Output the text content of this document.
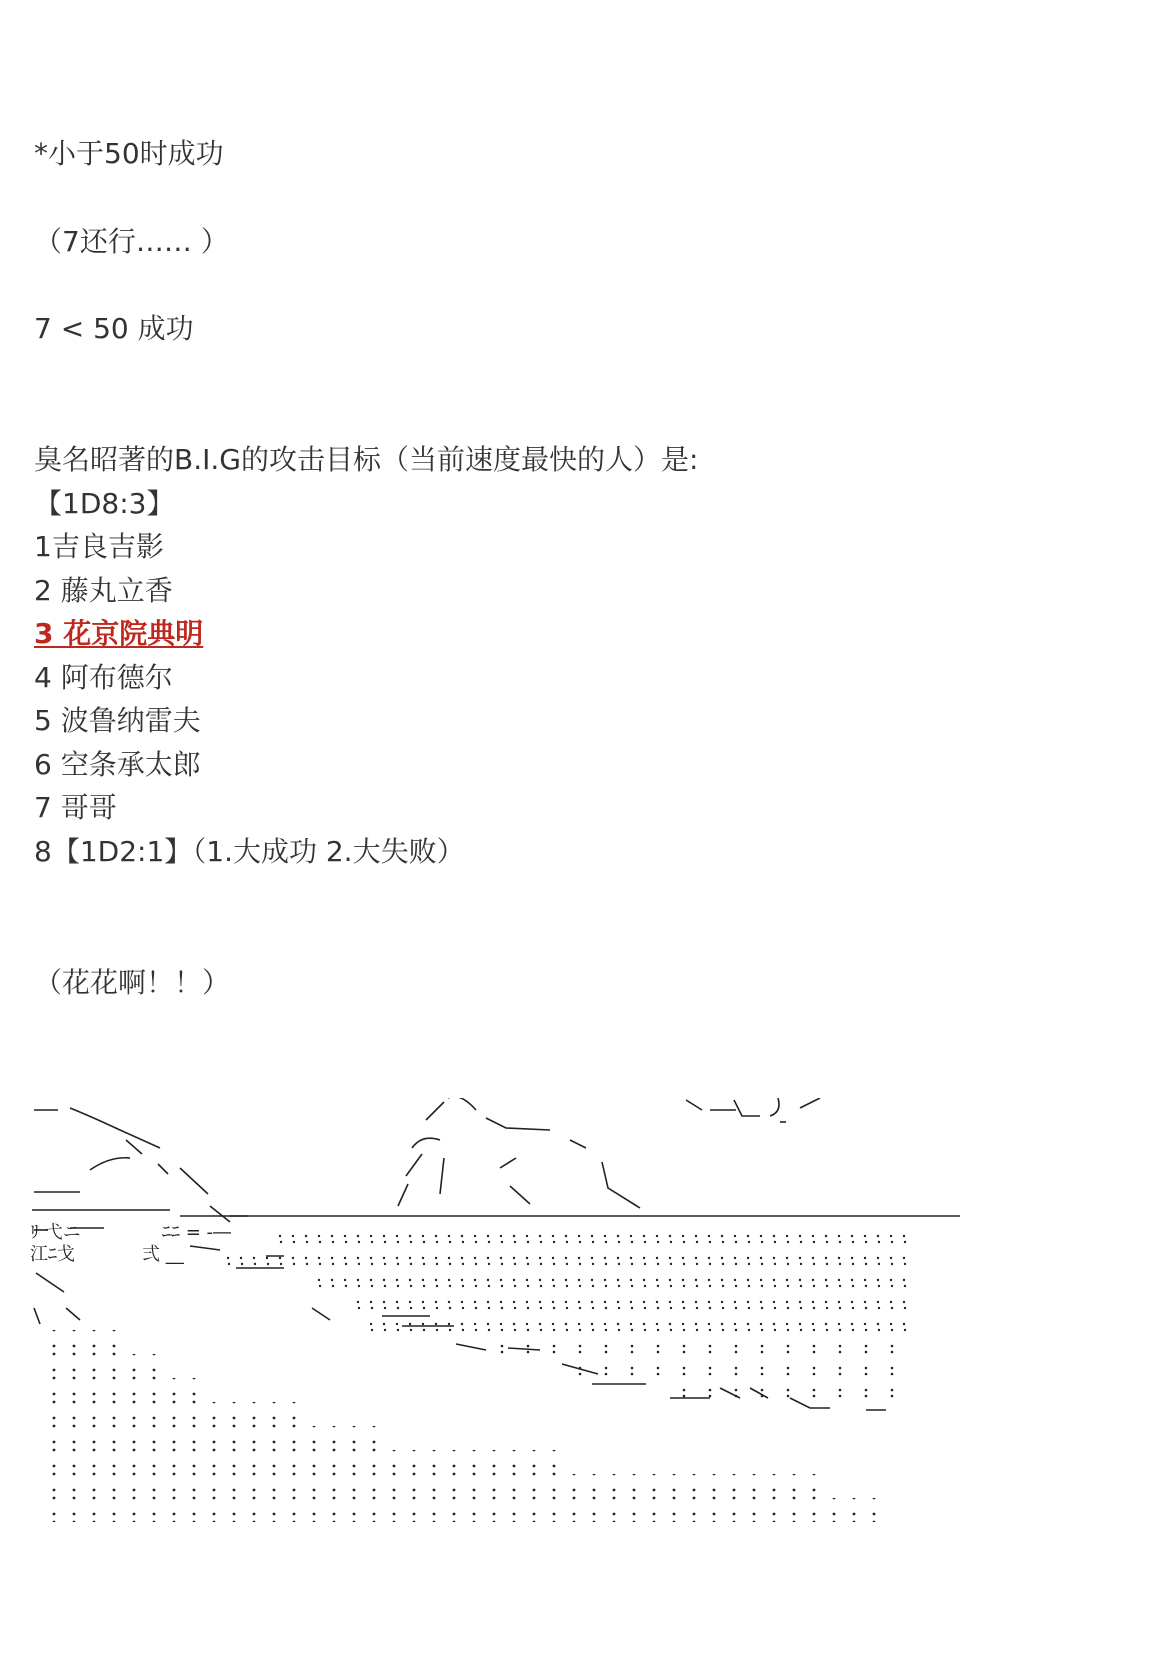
*小于50时成功

（7还行…… ）

7 < 50 成功

臭名昭著的B.I.G的攻击目标（当前速度最快的人）是:

【1D8:3】

1吉良吉影

2 藤丸立香

3 花京院典明

4 阿布德尔

5 波鲁纳雷夫

6 空条承太郎

7 哥哥

8【1D2:1】（1.大成功 2.大失败）

（花花啊！！）

ﾘ 弋ニ
江ﾆ戈	弍 __
ﾆﾆ = ‐―
